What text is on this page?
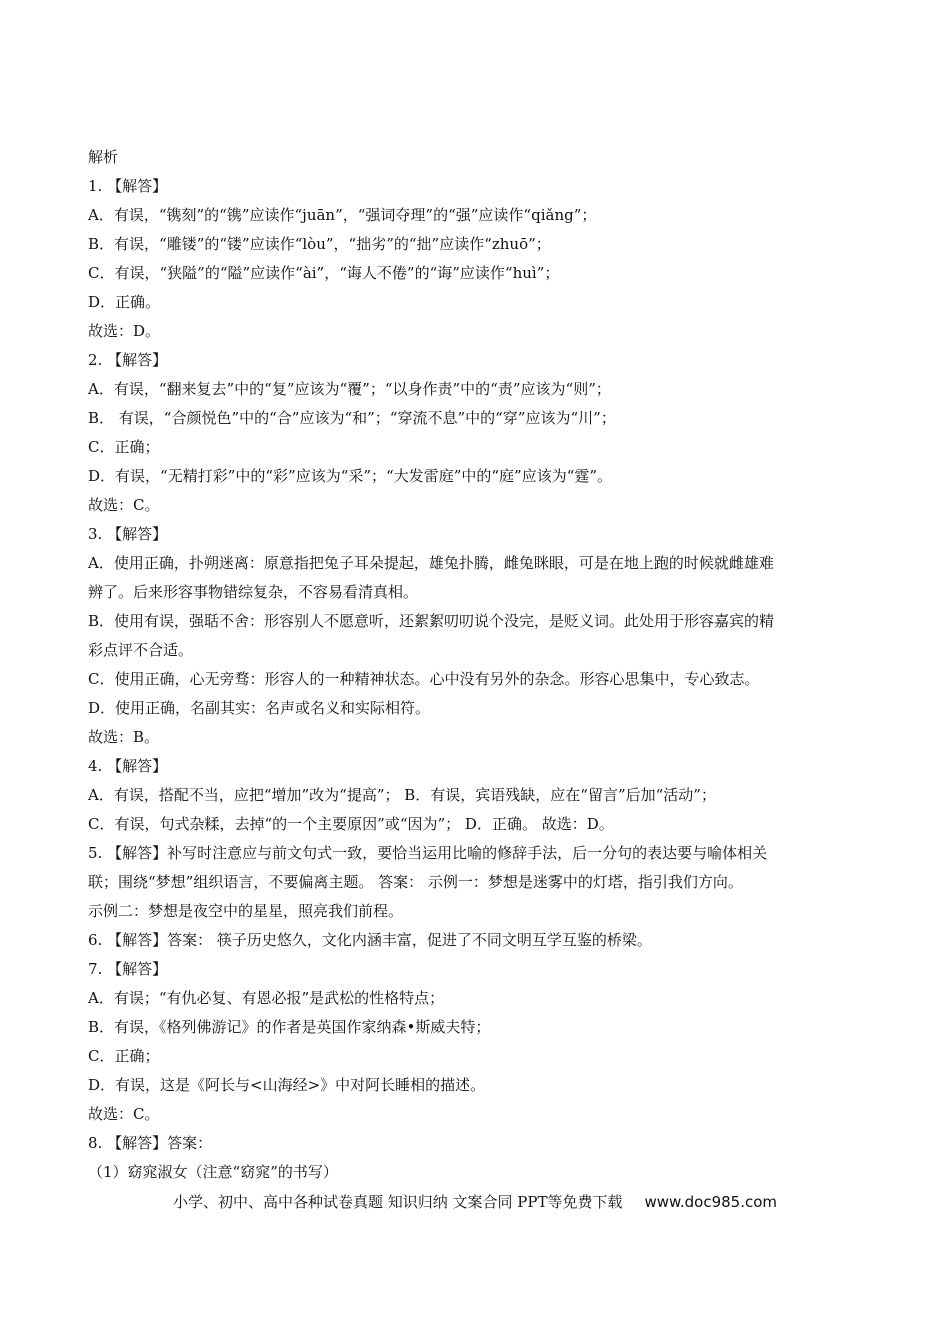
解析
1. 【解答】
A．有误，“镌刻”的“镌”应读作“juān”，“强词夺理”的“强”应读作“qiǎng”；
B．有误，“雕镂”的“镂”应读作“lòu”，“拙劣”的“拙”应读作“zhuō”；
C．有误，“狭隘”的“隘”应读作“ài”，“诲人不倦”的“诲”应读作“huì”；
D．正确。
故选：D。
2. 【解答】
A．有误，“翻来复去”中的“复”应该为“覆”；“以身作责”中的“责”应该为“则”；
B． 有误，“合颜悦色”中的“合”应该为“和”；“穿流不息”中的“穿”应该为“川”；
C．正确；
D．有误，“无精打彩”中的“彩”应该为“采”；“大发雷庭”中的“庭”应该为“霆”。
故选：C。
3. 【解答】
A．使用正确，扑朔迷离：原意指把兔子耳朵提起，雄兔扑腾，雌兔眯眼，可是在地上跑的时候就雌雄难
辨了。后来形容事物错综复杂，不容易看清真相。
B．使用有误，强聒不舍：形容别人不愿意听，还絮絮叨叨说个没完，是贬义词。此处用于形容嘉宾的精
彩点评不合适。
C．使用正确，心无旁骛：形容人的一种精神状态。心中没有另外的杂念。形容心思集中，专心致志。
D．使用正确，名副其实：名声或名义和实际相符。
故选：B。
4. 【解答】
A．有误，搭配不当，应把“增加”改为“提高”； B．有误，宾语残缺，应在“留言”后加“活动”；
C．有误，句式杂糅，去掉“的一个主要原因”或“因为”； D．正确。 故选：D。
5. 【解答】补写时注意应与前文句式一致，要恰当运用比喻的修辞手法，后一分句的表达要与喻体相关
联；围绕“梦想”组织语言，不要偏离主题。 答案： 示例一：梦想是迷雾中的灯塔，指引我们方向。
示例二：梦想是夜空中的星星，照亮我们前程。
6. 【解答】答案： 筷子历史悠久，文化内涵丰富，促进了不同文明互学互鉴的桥梁。
7. 【解答】
A．有误；“有仇必复、有恩必报”是武松的性格特点；
B．有误，《格列佛游记》的作者是英国作家纳森•斯威夫特；
C．正确；
D．有误，这是《阿长与<山海经>》中对阿长睡相的描述。
故选：C。
8. 【解答】答案：
（1）窈窕淑女（注意“窈窕”的书写）
小学、初中、高中各种试卷真题 知识归纳 文案合同 PPT等免费下载 www.doc985.com
